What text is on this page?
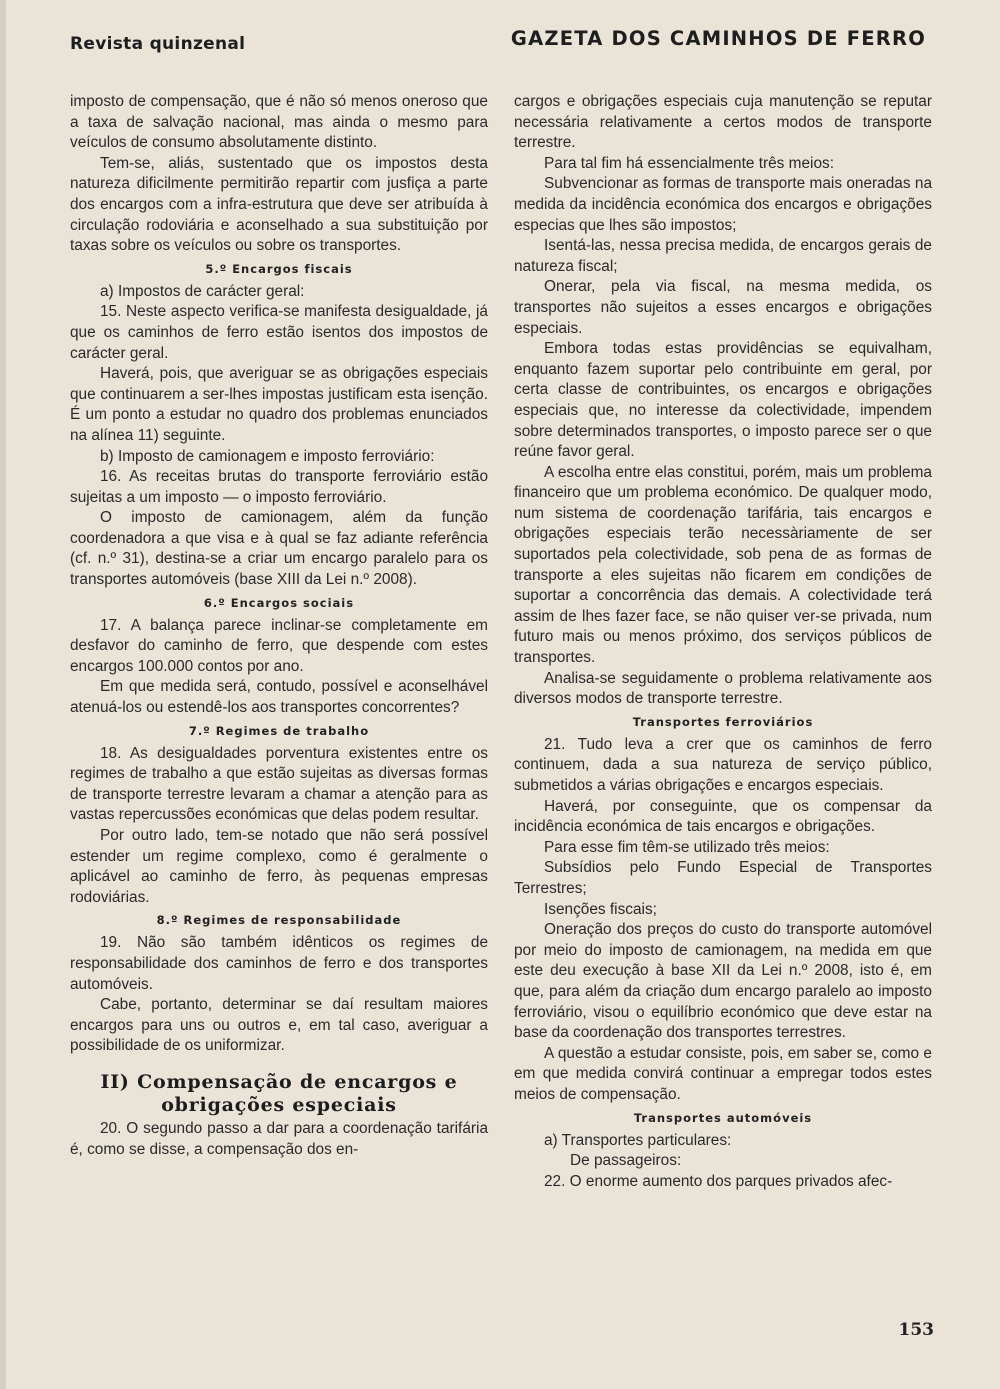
Revista quinzenal	GAZETA DOS CAMINHOS DE FERRO

imposto de compensação, que é não só menos oneroso que a taxa de salvação nacional, mas ainda o mesmo para veículos de consumo absolutamente distinto.

Tem-se, aliás, sustentado que os impostos desta natureza dificilmente permitirão repartir com jusfiça a parte dos encargos com a infra-estrutura que deve ser atribuída à circulação rodoviária e aconselhado a sua substituição por taxas sobre os veículos ou sobre os transportes.

5.º Encargos fiscais

a) Impostos de carácter geral:

15. Neste aspecto verifica-se manifesta desigualdade, já que os caminhos de ferro estão isentos dos impostos de carácter geral.

Haverá, pois, que averiguar se as obrigações especiais que continuarem a ser-lhes impostas justificam esta isenção. É um ponto a estudar no quadro dos problemas enunciados na alínea 11) seguinte.

b) Imposto de camionagem e imposto ferroviário:

16. As receitas brutas do transporte ferroviário estão sujeitas a um imposto — o imposto ferroviário.

O imposto de camionagem, além da função coordenadora a que visa e à qual se faz adiante referência (cf. n.º 31), destina-se a criar um encargo paralelo para os transportes automóveis (base XIII da Lei n.º 2008).

6.º Encargos sociais

17. A balança parece inclinar-se completamente em desfavor do caminho de ferro, que despende com estes encargos 100.000 contos por ano.

Em que medida será, contudo, possível e aconselhável atenuá-los ou estendê-los aos transportes concorrentes?

7.º Regimes de trabalho

18. As desigualdades porventura existentes entre os regimes de trabalho a que estão sujeitas as diversas formas de transporte terrestre levaram a chamar a atenção para as vastas repercussões económicas que delas podem resultar.

Por outro lado, tem-se notado que não será possível estender um regime complexo, como é geralmente o aplicável ao caminho de ferro, às pequenas empresas rodoviárias.

8.º Regimes de responsabilidade

19. Não são também idênticos os regimes de responsabilidade dos caminhos de ferro e dos transportes automóveis.

Cabe, portanto, determinar se daí resultam maiores encargos para uns ou outros e, em tal caso, averiguar a possibilidade de os uniformizar.

II) Compensação de encargos e obrigações especiais

20. O segundo passo a dar para a coordenação tarifária é, como se disse, a compensação dos en-

cargos e obrigações especiais cuja manutenção se reputar necessária relativamente a certos modos de transporte terrestre.

Para tal fim há essencialmente três meios:

Subvencionar as formas de transporte mais oneradas na medida da incidência económica dos encargos e obrigações especias que lhes são impostos;

Isentá-las, nessa precisa medida, de encargos gerais de natureza fiscal;

Onerar, pela via fiscal, na mesma medida, os transportes não sujeitos a esses encargos e obrigações especiais.

Embora todas estas providências se equivalham, enquanto fazem suportar pelo contribuinte em geral, por certa classe de contribuintes, os encargos e obrigações especiais que, no interesse da colectividade, impendem sobre determinados transportes, o imposto parece ser o que reúne favor geral.

A escolha entre elas constitui, porém, mais um problema financeiro que um problema económico. De qualquer modo, num sistema de coordenação tarifária, tais encargos e obrigações especiais terão necessàriamente de ser suportados pela colectividade, sob pena de as formas de transporte a eles sujeitas não ficarem em condições de suportar a concorrência das demais. A colectividade terá assim de lhes fazer face, se não quiser ver-se privada, num futuro mais ou menos próximo, dos serviços públicos de transportes.

Analisa-se seguidamente o problema relativamente aos diversos modos de transporte terrestre.

Transportes ferroviários

21. Tudo leva a crer que os caminhos de ferro continuem, dada a sua natureza de serviço público, submetidos a várias obrigações e encargos especiais.

Haverá, por conseguinte, que os compensar da incidência económica de tais encargos e obrigações.

Para esse fim têm-se utilizado três meios:

Subsídios pelo Fundo Especial de Transportes Terrestres;

Isenções fiscais;

Oneração dos preços do custo do transporte automóvel por meio do imposto de camionagem, na medida em que este deu execução à base XII da Lei n.º 2008, isto é, em que, para além da criação dum encargo paralelo ao imposto ferroviário, visou o equilíbrio económico que deve estar na base da coordenação dos transportes terrestres.

A questão a estudar consiste, pois, em saber se, como e em que medida convirá continuar a empregar todos estes meios de compensação.

Transportes automóveis

a) Transportes particulares:

De passageiros:

22. O enorme aumento dos parques privados afec-

153
